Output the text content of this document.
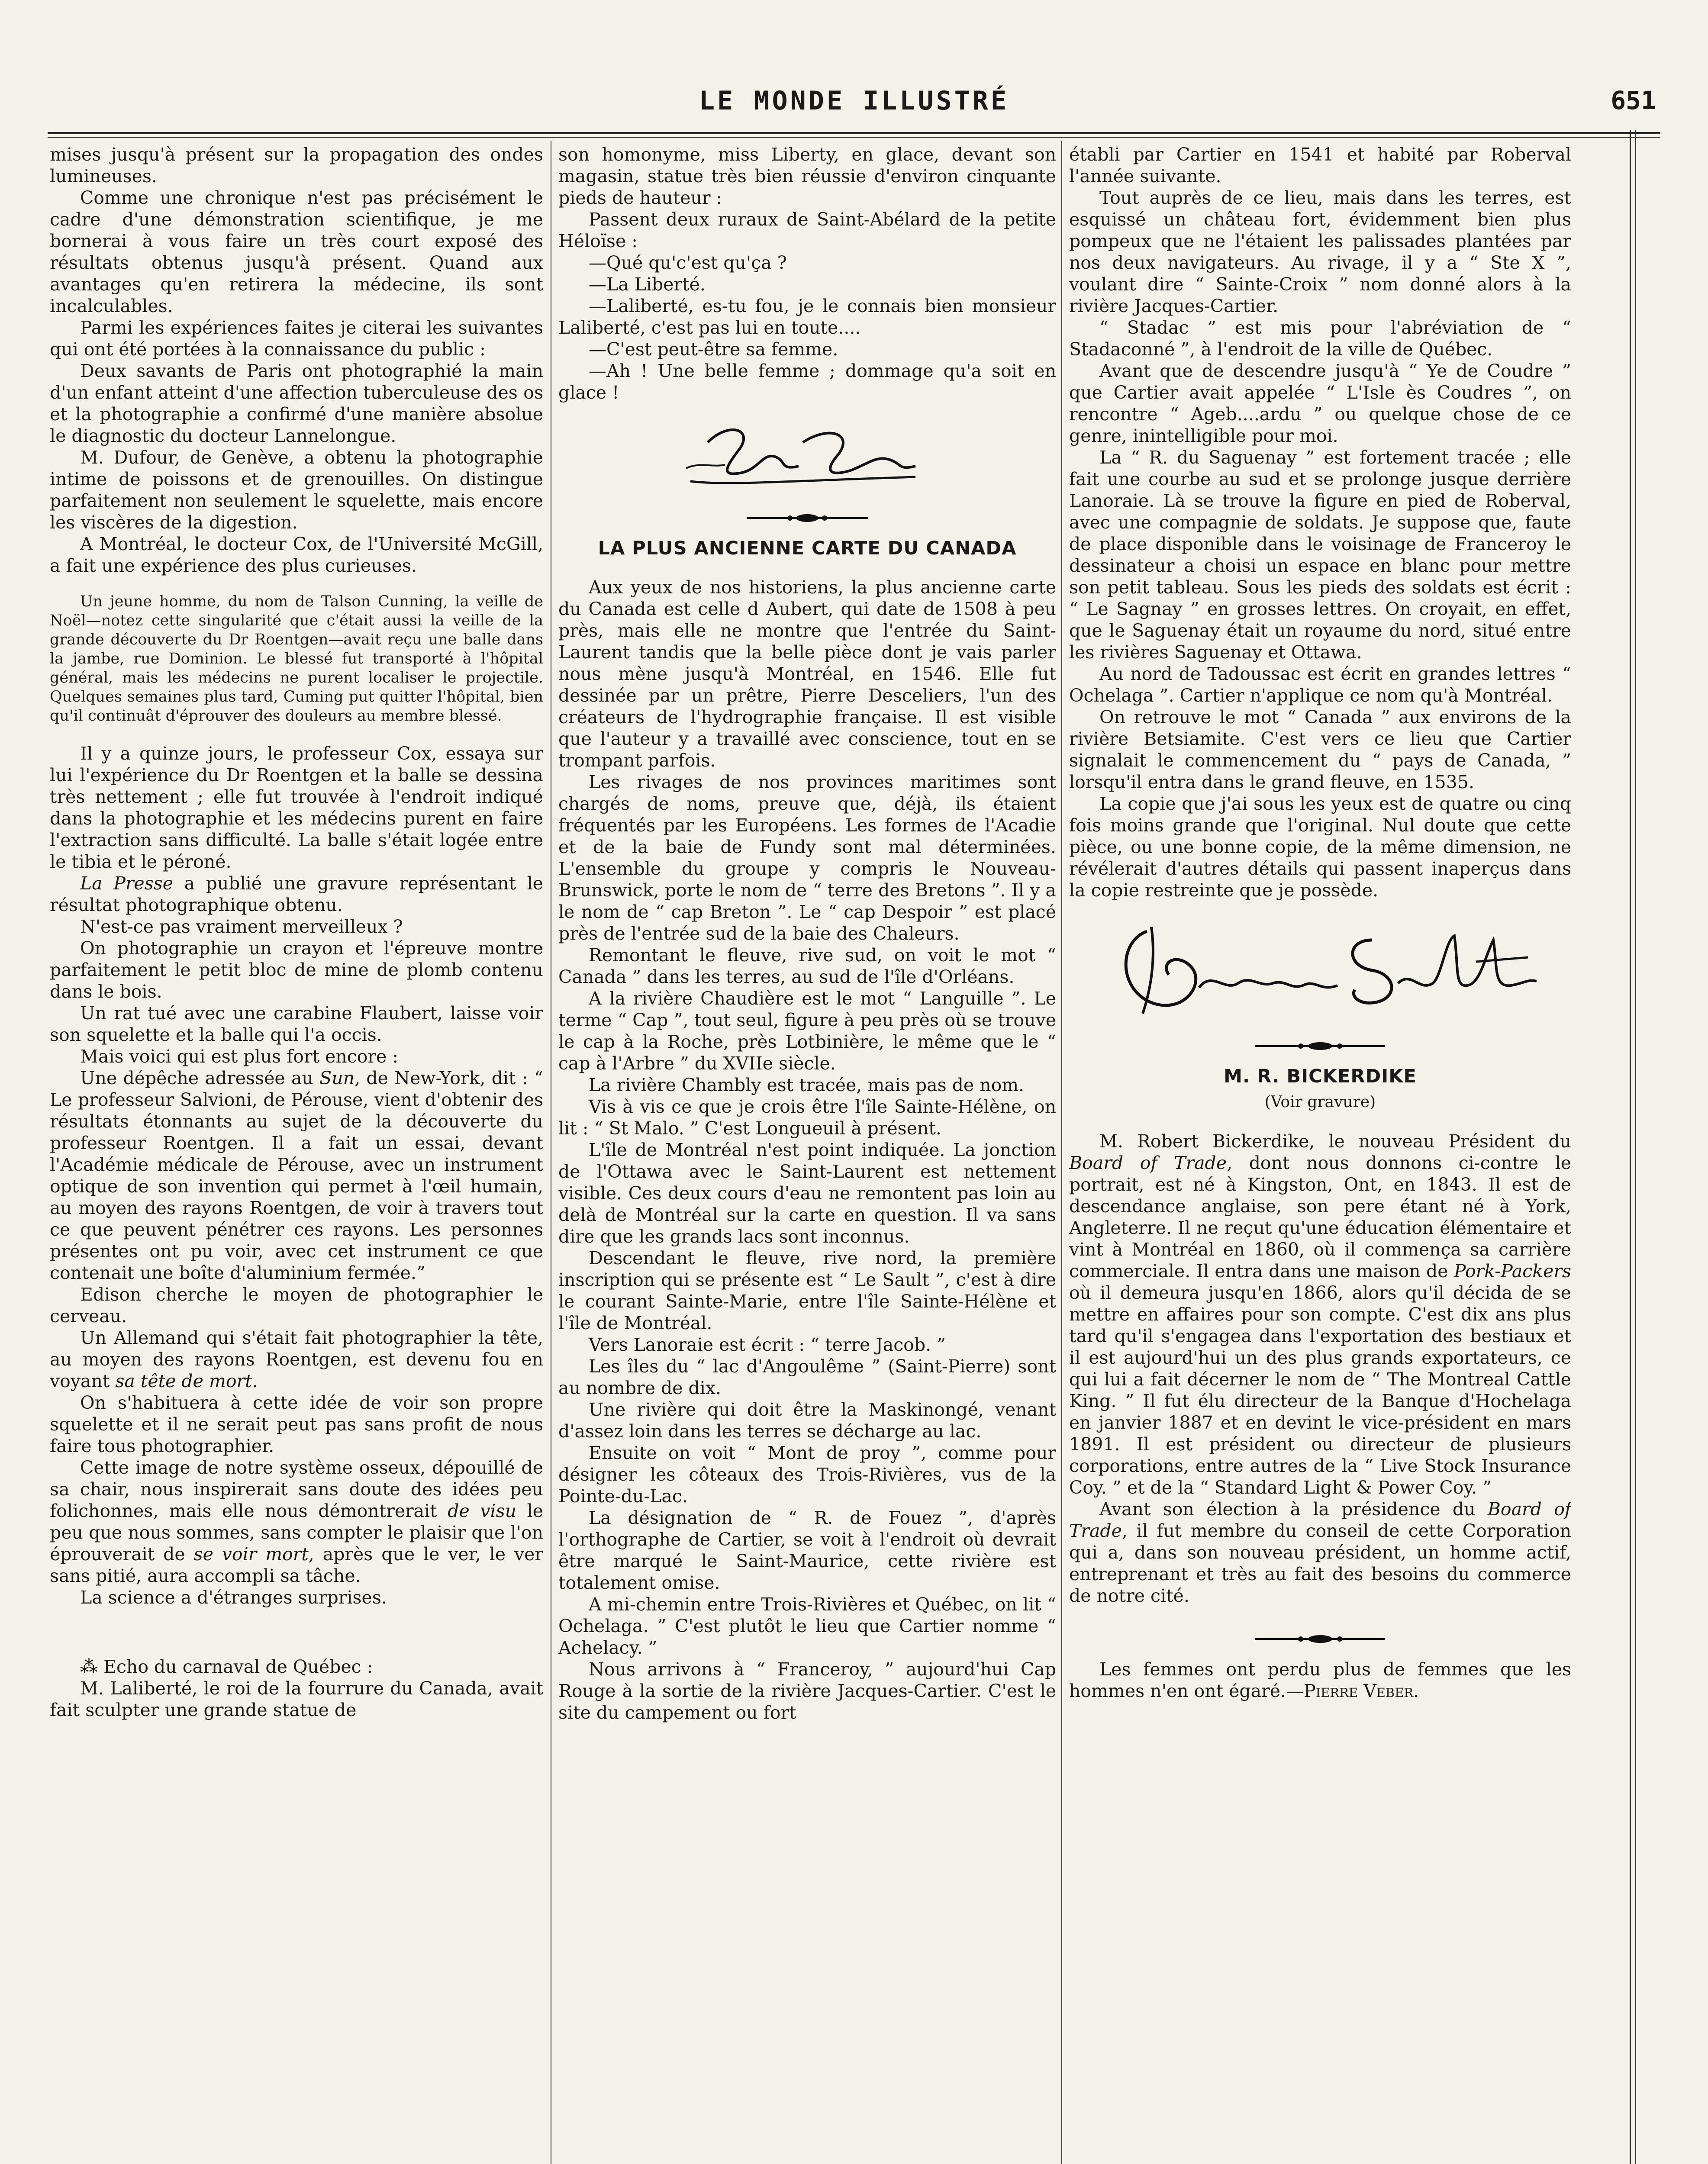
LE MONDE ILLUSTRÉ	651

mises jusqu'à présent sur la propagation des ondes lumineuses.

Comme une chronique n'est pas précisément le cadre d'une démonstration scientifique, je me bornerai à vous faire un très court exposé des résultats obtenus jusqu'à présent. Quand aux avantages qu'en retirera la médecine, ils sont incalculables.

Parmi les expériences faites je citerai les suivantes qui ont été portées à la connaissance du public :

Deux savants de Paris ont photographié la main d'un enfant atteint d'une affection tuberculeuse des os et la photographie a confirmé d'une manière absolue le diagnostic du docteur Lannelongue.

M. Dufour, de Genève, a obtenu la photographie intime de poissons et de grenouilles. On distingue parfaitement non seulement le squelette, mais encore les viscères de la digestion.

A Montréal, le docteur Cox, de l'Université McGill, a fait une expérience des plus curieuses.

Un jeune homme, du nom de Talson Cunning, la veille de Noël—notez cette singularité que c'était aussi la veille de la grande découverte du Dr Roentgen—avait reçu une balle dans la jambe, rue Dominion. Le blessé fut transporté à l'hôpital général, mais les médecins ne purent localiser le projectile. Quelques semaines plus tard, Cuming put quitter l'hôpital, bien qu'il continuât d'éprouver des douleurs au membre blessé.

Il y a quinze jours, le professeur Cox, essaya sur lui l'expérience du Dr Roentgen et la balle se dessina très nettement ; elle fut trouvée à l'endroit indiqué dans la photographie et les médecins purent en faire l'extraction sans difficulté. La balle s'était logée entre le tibia et le péroné.

La Presse a publié une gravure représentant le résultat photographique obtenu.

N'est-ce pas vraiment merveilleux ?

On photographie un crayon et l'épreuve montre parfaitement le petit bloc de mine de plomb contenu dans le bois.

Un rat tué avec une carabine Flaubert, laisse voir son squelette et la balle qui l'a occis.

Mais voici qui est plus fort encore :

Une dépêche adressée au Sun, de New-York, dit : “ Le professeur Salvioni, de Pérouse, vient d'obtenir des résultats étonnants au sujet de la découverte du professeur Roentgen. Il a fait un essai, devant l'Académie médicale de Pérouse, avec un instrument optique de son invention qui permet à l'œil humain, au moyen des rayons Roentgen, de voir à travers tout ce que peuvent pénétrer ces rayons. Les personnes présentes ont pu voir, avec cet instrument ce que contenait une boîte d'aluminium fermée.”

Edison cherche le moyen de photographier le cerveau.

Un Allemand qui s'était fait photographier la tête, au moyen des rayons Roentgen, est devenu fou en voyant sa tête de mort.

On s'habituera à cette idée de voir son propre squelette et il ne serait peut pas sans profit de nous faire tous photographier.

Cette image de notre système osseux, dépouillé de sa chair, nous inspirerait sans doute des idées peu folichonnes, mais elle nous démontrerait de visu le peu que nous sommes, sans compter le plaisir que l'on éprouverait de se voir mort, après que le ver, le ver sans pitié, aura accompli sa tâche.

La science a d'étranges surprises.

⁂ Echo du carnaval de Québec :

M. Laliberté, le roi de la fourrure du Canada, avait fait sculpter une grande statue de

son homonyme, miss Liberty, en glace, devant son magasin, statue très bien réussie d'environ cinquante pieds de hauteur :

Passent deux ruraux de Saint-Abélard de la petite Héloïse :

—Qué qu'c'est qu'ça ?

—La Liberté.

—Laliberté, es-tu fou, je le connais bien monsieur Laliberté, c'est pas lui en toute....

—C'est peut-être sa femme.

—Ah ! Une belle femme ; dommage qu'a soit en glace !

LA PLUS ANCIENNE CARTE DU CANADA

Aux yeux de nos historiens, la plus ancienne carte du Canada est celle d Aubert, qui date de 1508 à peu près, mais elle ne montre que l'entrée du Saint-Laurent tandis que la belle pièce dont je vais parler nous mène jusqu'à Montréal, en 1546. Elle fut dessinée par un prêtre, Pierre Desceliers, l'un des créateurs de l'hydrographie française. Il est visible que l'auteur y a travaillé avec conscience, tout en se trompant parfois.

Les rivages de nos provinces maritimes sont chargés de noms, preuve que, déjà, ils étaient fréquentés par les Européens. Les formes de l'Acadie et de la baie de Fundy sont mal déterminées. L'ensemble du groupe y compris le Nouveau-Brunswick, porte le nom de “ terre des Bretons ”. Il y a le nom de “ cap Breton ”. Le “ cap Despoir ” est placé près de l'entrée sud de la baie des Chaleurs.

Remontant le fleuve, rive sud, on voit le mot “ Canada ” dans les terres, au sud de l'île d'Orléans.

A la rivière Chaudière est le mot “ Languille ”. Le terme “ Cap ”, tout seul, figure à peu près où se trouve le cap à la Roche, près Lotbinière, le même que le “ cap à l'Arbre ” du XVIIe siècle.

La rivière Chambly est tracée, mais pas de nom.

Vis à vis ce que je crois être l'île Sainte-Hélène, on lit : “ St Malo. ” C'est Longueuil à présent.

L'île de Montréal n'est point indiquée. La jonction de l'Ottawa avec le Saint-Laurent est nettement visible. Ces deux cours d'eau ne remontent pas loin au delà de Montréal sur la carte en question. Il va sans dire que les grands lacs sont inconnus.

Descendant le fleuve, rive nord, la première inscription qui se présente est “ Le Sault ”, c'est à dire le courant Sainte-Marie, entre l'île Sainte-Hélène et l'île de Montréal.

Vers Lanoraie est écrit : “ terre Jacob. ”

Les îles du “ lac d'Angoulême ” (Saint-Pierre) sont au nombre de dix.

Une rivière qui doit être la Maskinongé, venant d'assez loin dans les terres se décharge au lac.

Ensuite on voit “ Mont de proy ”, comme pour désigner les côteaux des Trois-Rivières, vus de la Pointe-du-Lac.

La désignation de “ R. de Fouez ”, d'après l'orthographe de Cartier, se voit à l'endroit où devrait être marqué le Saint-Maurice, cette rivière est totalement omise.

A mi-chemin entre Trois-Rivières et Québec, on lit “ Ochelaga. ” C'est plutôt le lieu que Cartier nomme “ Achelacy. ”

Nous arrivons à “ Franceroy, ” aujourd'hui Cap Rouge à la sortie de la rivière Jacques-Cartier. C'est le site du campement ou fort

établi par Cartier en 1541 et habité par Roberval l'année suivante.

Tout auprès de ce lieu, mais dans les terres, est esquissé un château fort, évidemment bien plus pompeux que ne l'étaient les palissades plantées par nos deux navigateurs. Au rivage, il y a “ Ste X ”, voulant dire “ Sainte-Croix ” nom donné alors à la rivière Jacques-Cartier.

“ Stadac ” est mis pour l'abréviation de “ Stadaconné ”, à l'endroit de la ville de Québec.

Avant que de descendre jusqu'à “ Ye de Coudre ” que Cartier avait appelée “ L'Isle ès Coudres ”, on rencontre “ Ageb....ardu ” ou quelque chose de ce genre, inintelligible pour moi.

La “ R. du Saguenay ” est fortement tracée ; elle fait une courbe au sud et se prolonge jusque derrière Lanoraie. Là se trouve la figure en pied de Roberval, avec une compagnie de soldats. Je suppose que, faute de place disponible dans le voisinage de Franceroy le dessinateur a choisi un espace en blanc pour mettre son petit tableau. Sous les pieds des soldats est écrit : “ Le Sagnay ” en grosses lettres. On croyait, en effet, que le Saguenay était un royaume du nord, situé entre les rivières Saguenay et Ottawa.

Au nord de Tadoussac est écrit en grandes lettres “ Ochelaga ”. Cartier n'applique ce nom qu'à Montréal.

On retrouve le mot “ Canada ” aux environs de la rivière Betsiamite. C'est vers ce lieu que Cartier signalait le commencement du “ pays de Canada, ” lorsqu'il entra dans le grand fleuve, en 1535.

La copie que j'ai sous les yeux est de quatre ou cinq fois moins grande que l'original. Nul doute que cette pièce, ou une bonne copie, de la même dimension, ne révélerait d'autres détails qui passent inaperçus dans la copie restreinte que je possède.

M. R. BICKERDIKE
(Voir gravure)

M. Robert Bickerdike, le nouveau Président du Board of Trade, dont nous donnons ci-contre le portrait, est né à Kingston, Ont, en 1843. Il est de descendance anglaise, son pere étant né à York, Angleterre. Il ne reçut qu'une éducation élémentaire et vint à Montréal en 1860, où il commença sa carrière commerciale. Il entra dans une maison de Pork-Packers où il demeura jusqu'en 1866, alors qu'il décida de se mettre en affaires pour son compte. C'est dix ans plus tard qu'il s'engagea dans l'exportation des bestiaux et il est aujourd'hui un des plus grands exportateurs, ce qui lui a fait décerner le nom de “ The Montreal Cattle King. ” Il fut élu directeur de la Banque d'Hochelaga en janvier 1887 et en devint le vice-président en mars 1891. Il est président ou directeur de plusieurs corporations, entre autres de la “ Live Stock Insurance Coy. ” et de la “ Standard Light & Power Coy. ”

Avant son élection à la présidence du Board of Trade, il fut membre du conseil de cette Corporation qui a, dans son nouveau président, un homme actif, entreprenant et très au fait des besoins du commerce de notre cité.

Les femmes ont perdu plus de femmes que les hommes n'en ont égaré.—Pierre Veber.
